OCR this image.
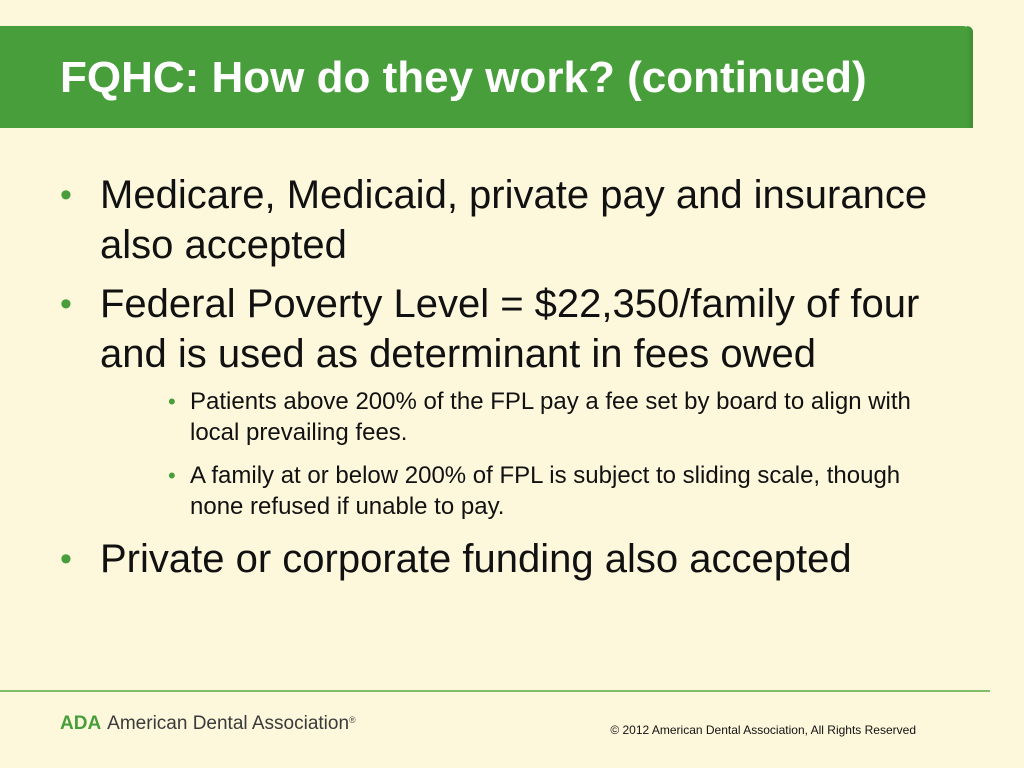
FQHC: How do they work? (continued)
• Medicare, Medicaid, private pay and insurance also accepted
• Federal Poverty Level = $22,350/family of four and is used as determinant in fees owed
• Patients above 200% of the FPL pay a fee set by board to align with local prevailing fees.
• A family at or below 200% of FPL is subject to sliding scale, though none refused if unable to pay.
• Private or corporate funding also accepted
ADA American Dental Association®
© 2012 American Dental Association, All Rights Reserved
